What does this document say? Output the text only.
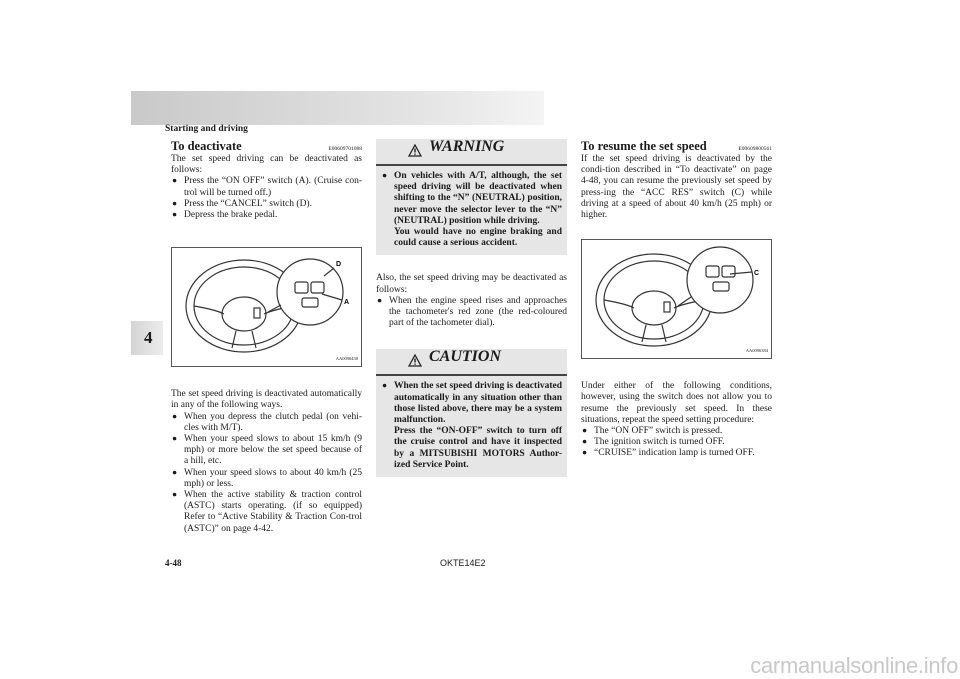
Starting and driving
4
To deactivate	E00609701088

The set speed driving can be deactivated as follows:

● Press the “ON OFF” switch (A). (Cruise con-trol will be turned off.)
● Press the “CANCEL” switch (D).
● Depress the brake pedal.
D
A
AA0096430

The set speed driving is deactivated automatically in any of the following ways.

● When you depress the clutch pedal (on vehi-cles with M/T).
● When your speed slows to about 15 km/h (9 mph) or more below the set speed because of a hill, etc.
● When your speed slows to about 40 km/h (25 mph) or less.
● When the active stability & traction control (ASTC) starts operating. (if so equipped) Refer to “Active Stability & Traction Con-trol (ASTC)” on page 4-42.
WARNING
● On vehicles with A/T, although, the set speed driving will be deactivated when shifting to the “N” (NEUTRAL) position, never move the selector lever to the “N” (NEUTRAL) position while driving.
You would have no engine braking and could cause a serious accident.

Also, the set speed driving may be deactivated as follows:

● When the engine speed rises and approaches the tachometer's red zone (the red-coloured part of the tachometer dial).
CAUTION
● When the set speed driving is deactivated automatically in any situation other than those listed above, there may be a system malfunction.
Press the “ON-OFF” switch to turn off the cruise control and have it inspected by a MITSUBISHI MOTORS Author-ized Service Point.
To resume the set speed	E00609800561

If the set speed driving is deactivated by the condi-tion described in “To deactivate” on page 4-48, you can resume the previously set speed by press-ing the “ACC RES” switch (C) while driving at a speed of about 40 km/h (25 mph) or higher.

C
AA0096384

Under either of the following conditions, however, using the switch does not allow you to resume the previously set speed. In these situations, repeat the speed setting procedure:

● The “ON OFF” switch is pressed.
● The ignition switch is turned OFF.
● “CRUISE” indication lamp is turned OFF.
4-48	OKTE14E2
carmanualsonline.info
